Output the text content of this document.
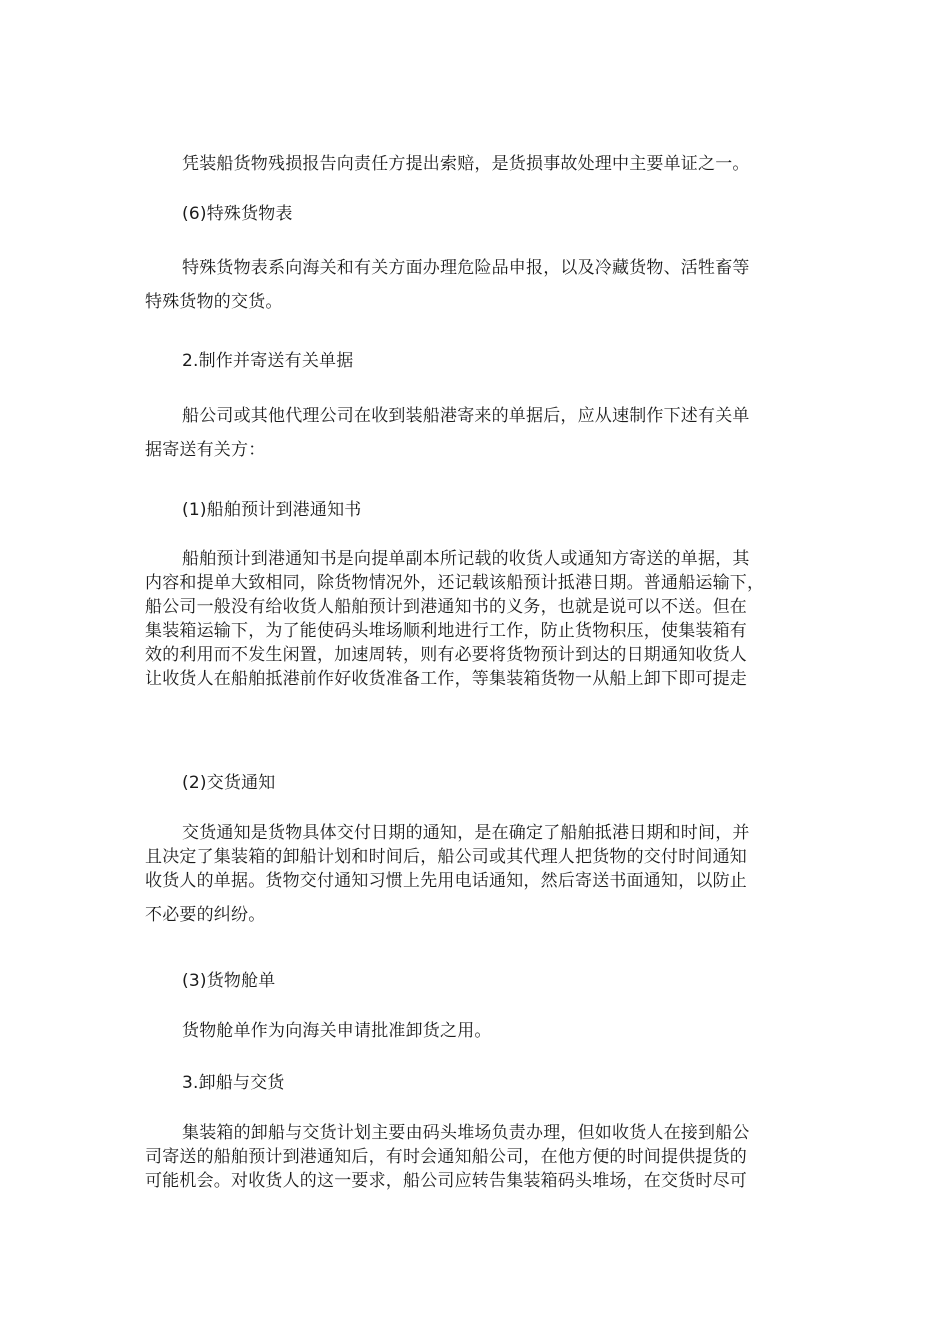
凭装船货物残损报告向责任方提出索赔，是货损事故处理中主要单证之一。

(6)特殊货物表

特殊货物表系向海关和有关方面办理危险品申报，以及冷藏货物、活牲畜等
特殊货物的交货。

2.制作并寄送有关单据

船公司或其他代理公司在收到装船港寄来的单据后，应从速制作下述有关单
据寄送有关方：

(1)船舶预计到港通知书

船舶预计到港通知书是向提单副本所记载的收货人或通知方寄送的单据，其
内容和提单大致相同，除货物情况外，还记载该船预计抵港日期。普通船运输下，
船公司一般没有给收货人船舶预计到港通知书的义务，也就是说可以不送。但在
集装箱运输下，为了能使码头堆场顺利地进行工作，防止货物积压，使集装箱有
效的利用而不发生闲置，加速周转，则有必要将货物预计到达的日期通知收货人
让收货人在船舶抵港前作好收货准备工作，等集装箱货物一从船上卸下即可提走

(2)交货通知

交货通知是货物具体交付日期的通知，是在确定了船舶抵港日期和时间，并
且决定了集装箱的卸船计划和时间后，船公司或其代理人把货物的交付时间通知
收货人的单据。货物交付通知习惯上先用电话通知，然后寄送书面通知，以防止
不必要的纠纷。

(3)货物舱单

货物舱单作为向海关申请批准卸货之用。

3.卸船与交货

集装箱的卸船与交货计划主要由码头堆场负责办理，但如收货人在接到船公
司寄送的船舶预计到港通知后，有时会通知船公司，在他方便的时间提供提货的
可能机会。对收货人的这一要求，船公司应转告集装箱码头堆场，在交货时尽可
